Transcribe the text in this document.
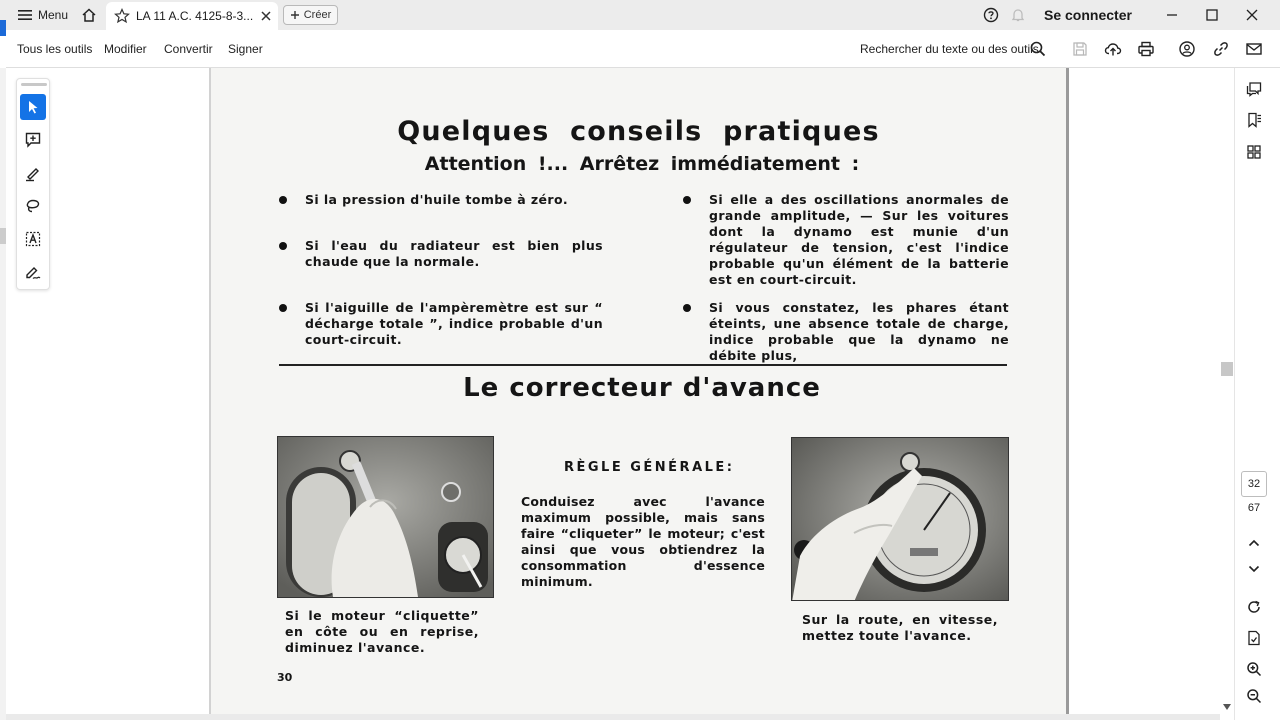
Menu	LA 11 A.C. 4125-8-3...	Créer	Se connecter
Tous les outils Modifier Convertir Signer	Rechercher du texte ou des outils
Quelques conseils pratiques
Attention !... Arrêtez immédiatement :
Si la pression d'huile tombe à zéro.
Si l'eau du radiateur est bien plus chaude que la normale.
Si l'aiguille de l'ampèremètre est sur “ décharge totale ”, indice probable d'un court-circuit.
Si elle a des oscillations anormales de grande amplitude, — Sur les voitures dont la dynamo est munie d'un régulateur de tension, c'est l'indice probable qu'un élément de la batterie est en court-circuit.
Si vous constatez, les phares étant éteints, une absence totale de charge, indice probable que la dynamo ne débite plus,
Le correcteur d'avance
RÈGLE GÉNÉRALE:
Conduisez avec l'avance maximum possible, mais sans faire “cliqueter” le moteur; c'est ainsi que vous obtiendrez la consommation d'essence minimum.
Si le moteur “cliquette” en côte ou en reprise, diminuez l'avance.
Sur la route, en vitesse, mettez toute l'avance.
30
32
67
